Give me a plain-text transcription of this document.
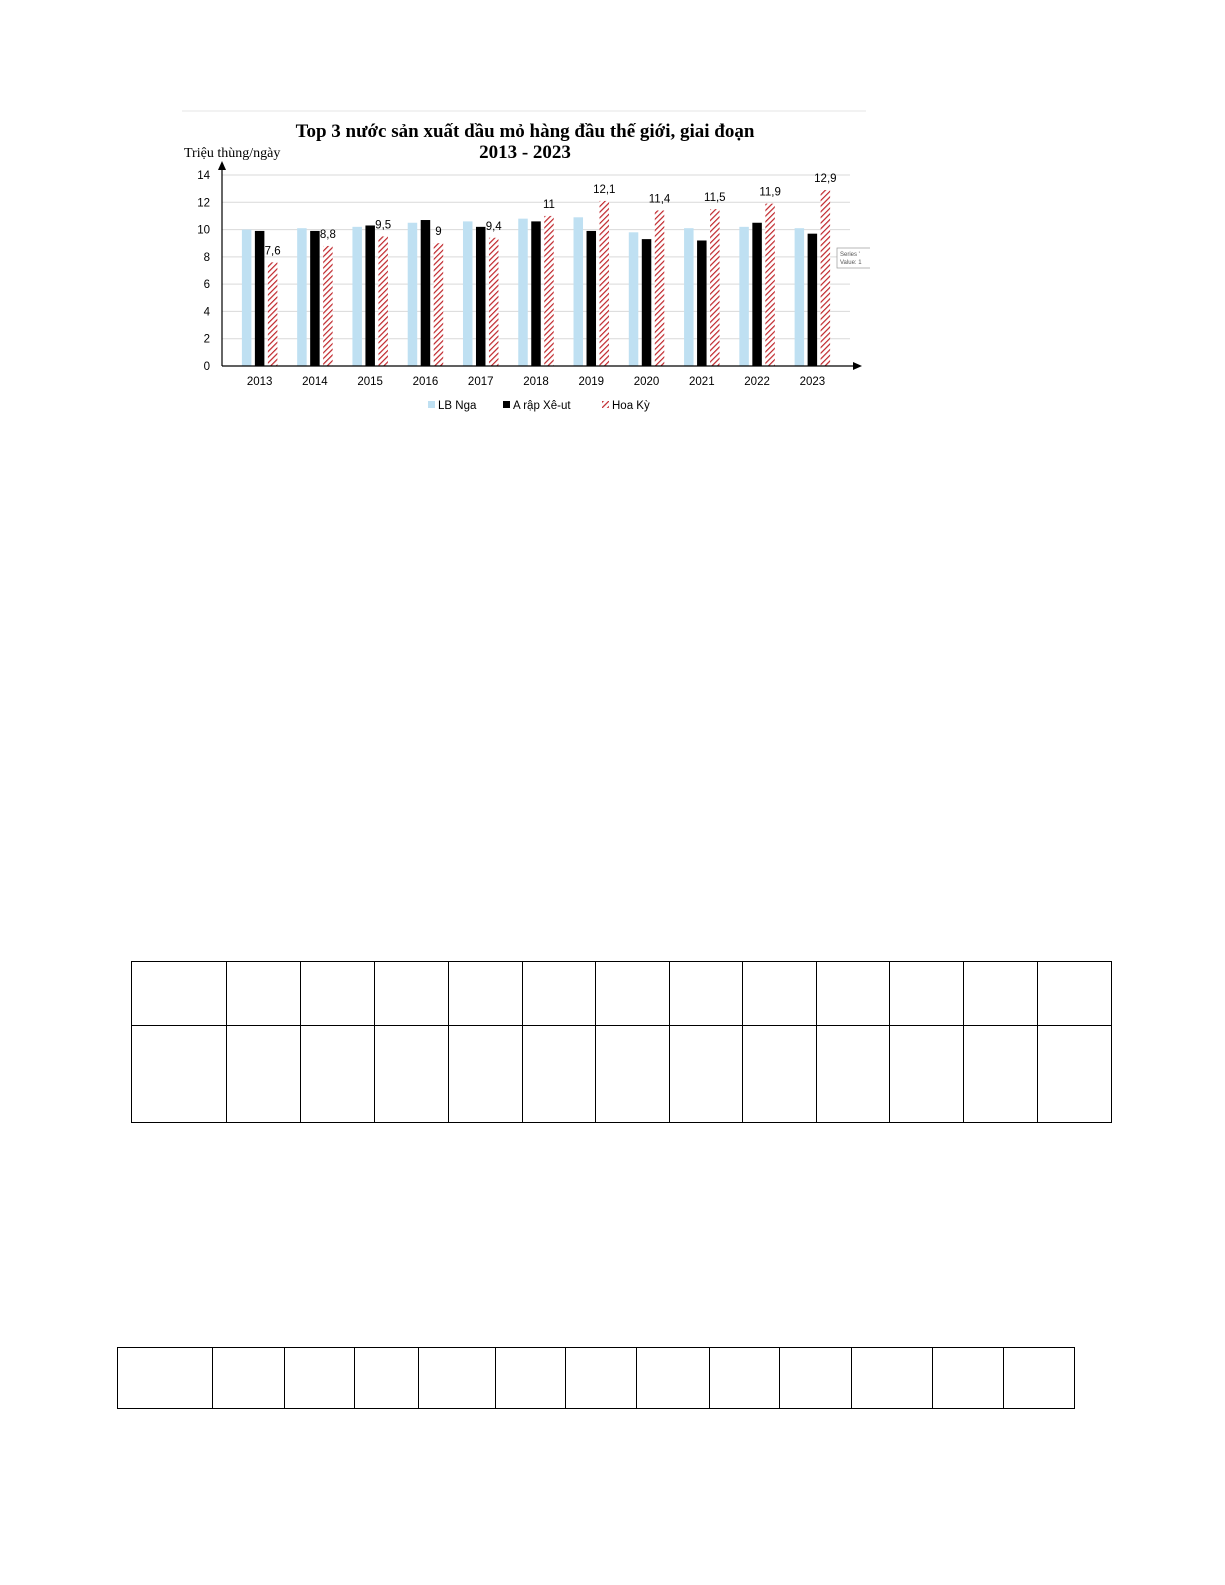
Top 3 nước sản xuất dầu mỏ hàng đầu thế giới, giai đoạn
2013 - 2023
Triệu thùng/ngày
0
2
4
6
8
10
12
14
2013	2014	2015	2016	2017	2018	2019	2020	2021	2022	2023
7,6
8,8
9,5
9	9,4
11
12,1
11,4	11,5	11,9
12,9
LB Nga	A rập Xê-ut	Hoa Kỳ
Series '
Value: 1
